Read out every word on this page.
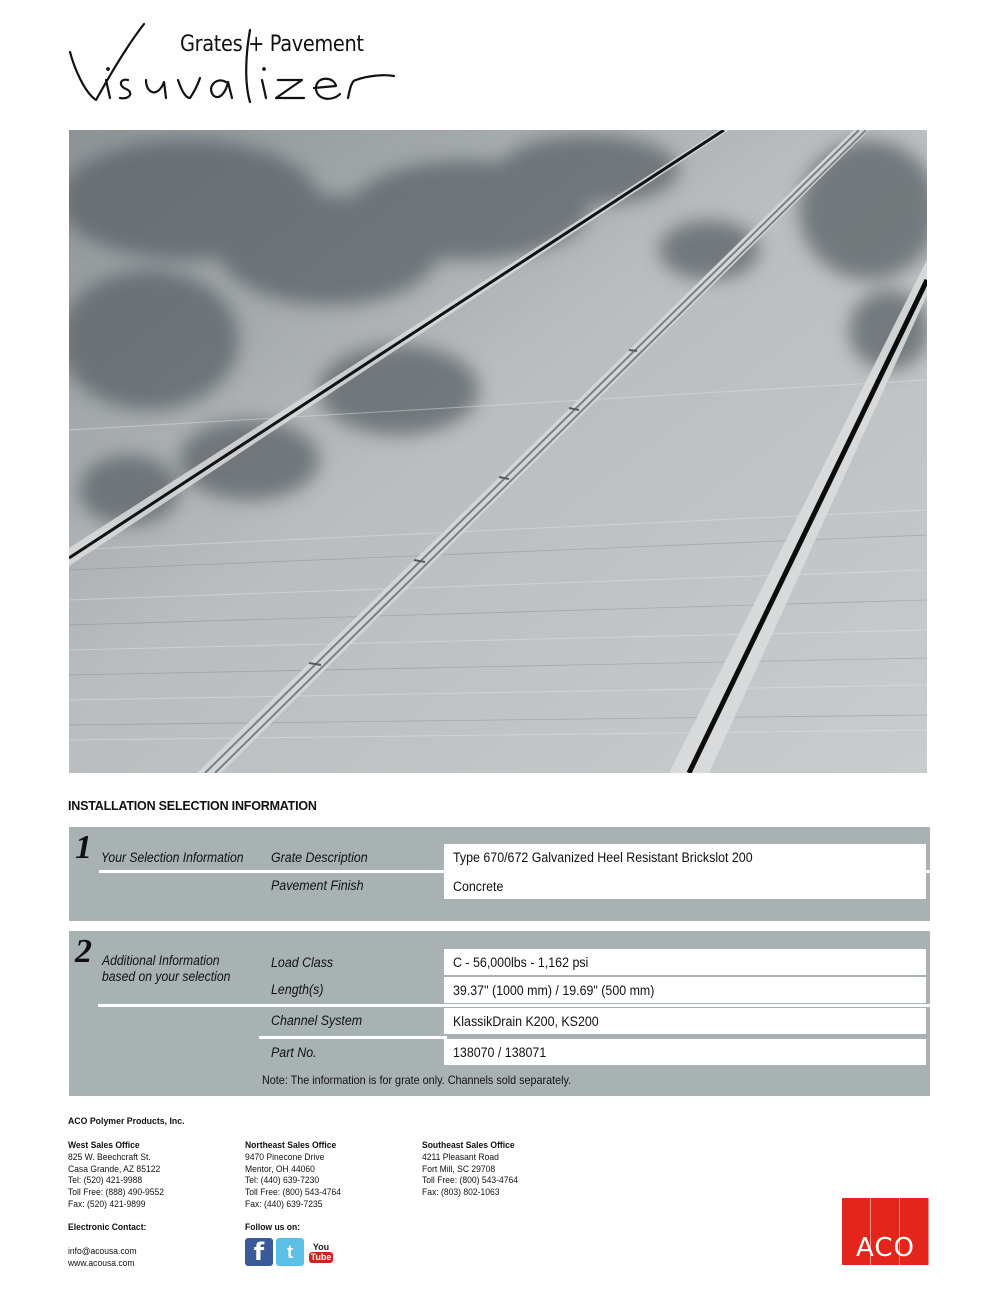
Grates + Pavement
INSTALLATION SELECTION INFORMATION
1 Your Selection Information Grate Description	Type 670/672 Galvanized Heel Resistant Brickslot 200
Pavement Finish	Concrete
2 Additional Information
based on your selection
Load Class	C - 56,000lbs - 1,162 psi
Length(s)	39.37" (1000 mm) / 19.69" (500 mm)
Channel System	KlassikDrain K200, KS200
Part No.	138070 / 138071
Note: The information is for grate only. Channels sold separately.
ACO Polymer Products, Inc.
West Sales Office
825 W. Beechcraft St.
Casa Grande, AZ 85122
Tel: (520) 421-9988
Toll Free: (888) 490-9552
Fax: (520) 421-9899
Northeast Sales Office
9470 Pinecone Drive
Mentor, OH 44060
Tel: (440) 639-7230
Toll Free: (800) 543-4764
Fax: (440) 639-7235
Southeast Sales Office
4211 Pleasant Road
Fort Mill, SC 29708
Toll Free: (800) 543-4764
Fax: (803) 802-1063
Electronic Contact:
info@acousa.com
www.acousa.com
Follow us on:
f	t	You
Tube	ACO
